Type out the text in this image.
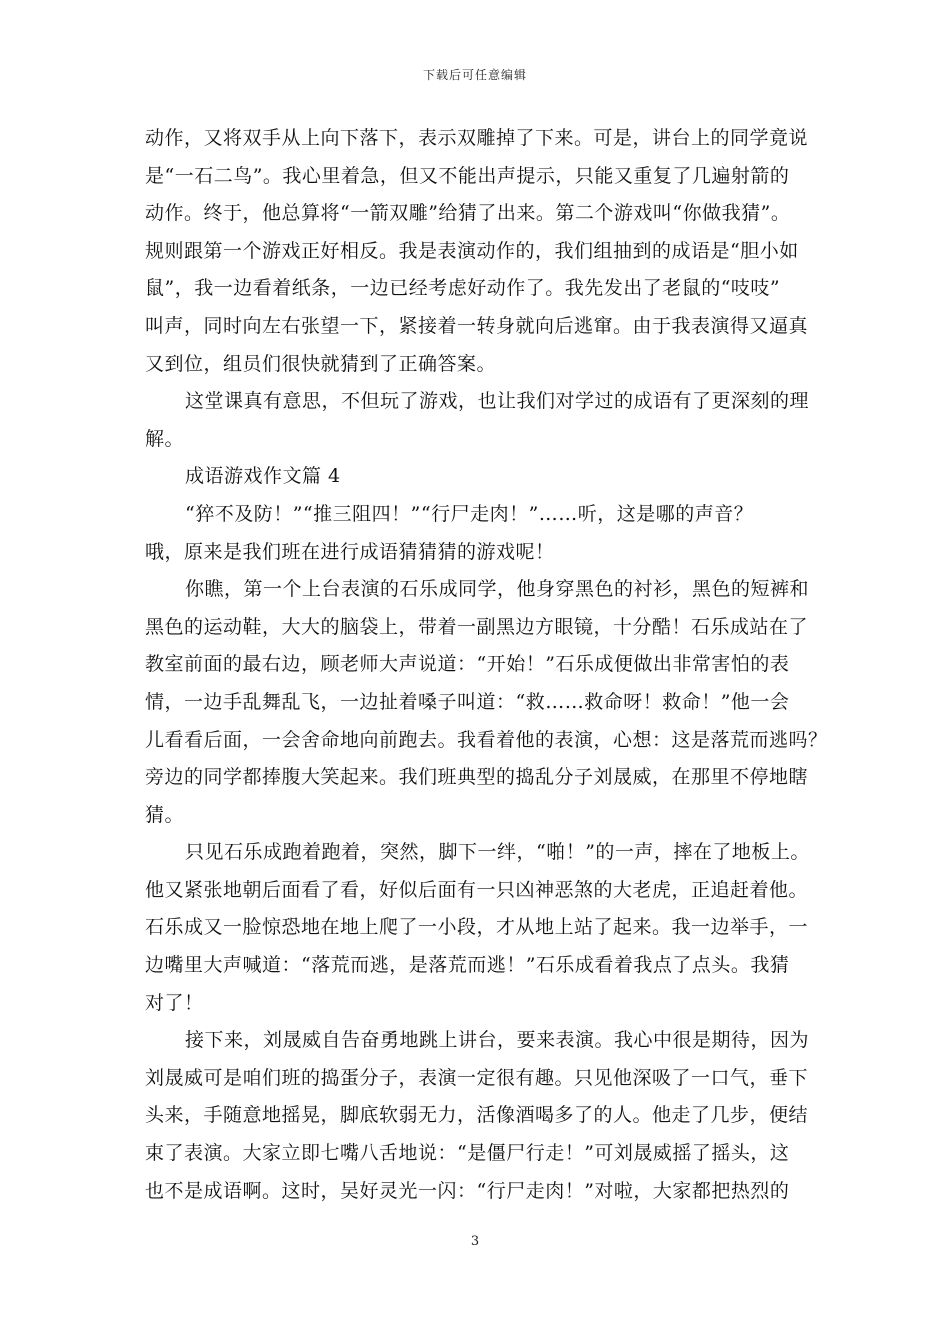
下载后可任意编辑
动作，又将双手从上向下落下，表示双雕掉了下来。可是，讲台上的同学竟说
是“一石二鸟”。我心里着急，但又不能出声提示，只能又重复了几遍射箭的
动作。终于，他总算将“一箭双雕”给猜了出来。第二个游戏叫“你做我猜”。
规则跟第一个游戏正好相反。我是表演动作的，我们组抽到的成语是“胆小如
鼠”，我一边看着纸条，一边已经考虑好动作了。我先发出了老鼠的“吱吱”
叫声，同时向左右张望一下，紧接着一转身就向后逃窜。由于我表演得又逼真
又到位，组员们很快就猜到了正确答案。
这堂课真有意思，不但玩了游戏，也让我们对学过的成语有了更深刻的理
解。
成语游戏作文篇 4
“猝不及防！”“推三阻四！”“行尸走肉！”……听，这是哪的声音？
哦，原来是我们班在进行成语猜猜猜的游戏呢！
你瞧，第一个上台表演的石乐成同学，他身穿黑色的衬衫，黑色的短裤和
黑色的运动鞋，大大的脑袋上，带着一副黑边方眼镜，十分酷！石乐成站在了
教室前面的最右边，顾老师大声说道：“开始！”石乐成便做出非常害怕的表
情，一边手乱舞乱飞，一边扯着嗓子叫道：“救……救命呀！救命！”他一会
儿看看后面，一会舍命地向前跑去。我看着他的表演，心想：这是落荒而逃吗？
旁边的同学都捧腹大笑起来。我们班典型的捣乱分子刘晟威，在那里不停地瞎
猜。
只见石乐成跑着跑着，突然，脚下一绊，“啪！”的一声，摔在了地板上。
他又紧张地朝后面看了看，好似后面有一只凶神恶煞的大老虎，正追赶着他。
石乐成又一脸惊恐地在地上爬了一小段，才从地上站了起来。我一边举手，一
边嘴里大声喊道：“落荒而逃，是落荒而逃！”石乐成看着我点了点头。我猜
对了！
接下来，刘晟威自告奋勇地跳上讲台，要来表演。我心中很是期待，因为
刘晟威可是咱们班的捣蛋分子，表演一定很有趣。只见他深吸了一口气，垂下
头来，手随意地摇晃，脚底软弱无力，活像酒喝多了的人。他走了几步，便结
束了表演。大家立即七嘴八舌地说：“是僵尸行走！”可刘晟威摇了摇头，这
也不是成语啊。这时，吴好灵光一闪：“行尸走肉！”对啦，大家都把热烈的
3
